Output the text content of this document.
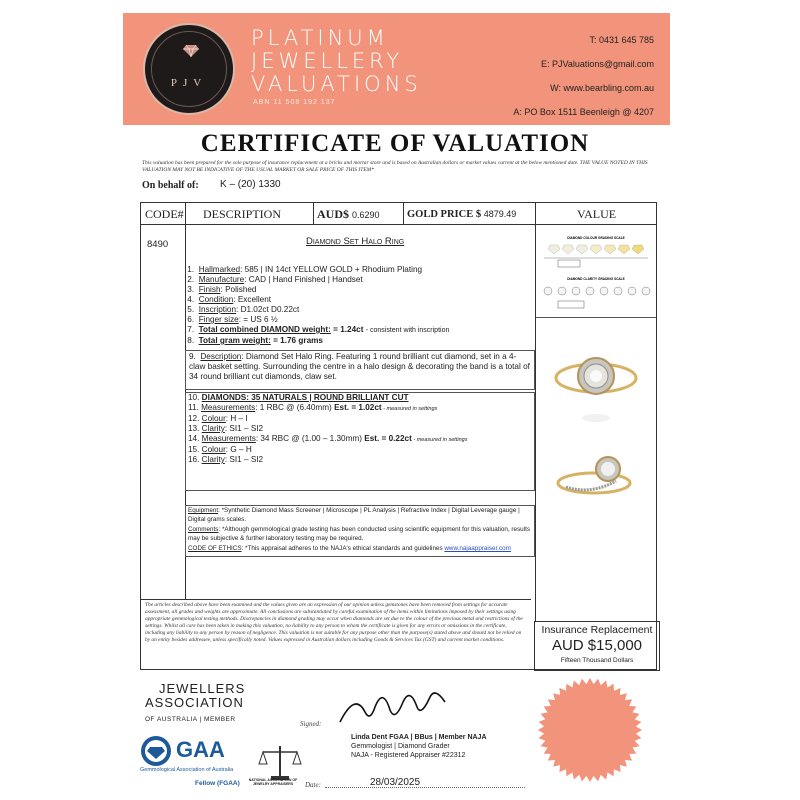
PJV
PLATINUM
JEWELLERY
VALUATIONS
ABN 11 508 192 137
T: 0431 645 785
E: PJValuations@gmail.com
W: www.bearbling.com.au
A: PO Box 1511 Beenleigh @ 4207
CERTIFICATE OF VALUATION
This valuation has been prepared for the sole purpose of insurance replacement at a bricks and mortar store and is based on Australian dollars or market values current at the below mentioned date. THE VALUE NOTED IN THIS VALUATION MAY NOT BE INDICATIVE OF THE USUAL MARKET OR SALE PRICE OF THIS ITEM*
On behalf of: K – (20) 1330
CODE#	DESCRIPTION	AUD$ 0.6290	GOLD PRICE $ 4879.49	VALUE
8490	Diamond Set Halo Ring
1. Hallmarked: 585 | IN 14ct YELLOW GOLD + Rhodium Plating
2. Manufacture: CAD | Hand Finished | Handset
3. Finish: Polished
4. Condition: Excellent
5. Inscription: D1.02ct D0.22ct
6. Finger size: = US 6 ½
7.  Total combined DIAMOND weight: = 1.24ct - consistent with inscription
8.  Total gram weight: = 1.76 grams
9.  Description: Diamond Set Halo Ring. Featuring 1 round brilliant cut diamond, set in a 4-claw basket setting. Surrounding the centre in a halo design & decorating the band is a total of 34 round brilliant cut diamonds, claw set.
10. DIAMONDS: 35 NATURALS | ROUND BRILLIANT CUT
11. Measurements: 1 RBC @ (6.40mm) Est. = 1.02ct - measured in settings
12. Colour: H – I
13. Clarity: SI1 – SI2
14. Measurements: 34 RBC @ (1.00 – 1.30mm) Est. = 0.22ct - measured in settings
15. Colour: G – H
16. Clarity: SI1 – SI2
Equipment: *Synthetic Diamond Mass Screener | Microscope | PL Analysis | Refractive Index | Digital Leverage gauge | Digital grams scales.
Comments: *Although gemmological grade testing has been conducted using scientific equipment for this valuation, results may be subjective & further laboratory testing may be required.
CODE OF ETHICS: *This appraisal adheres to the NAJA's ethical standards and guidelines www.najaappraiser.com
DIAMOND COLOUR GRADING SCALE
DIAMOND CLARITY GRADING SCALE
The articles described above have been examined and the values given are an expression of our opinion unless gemstones have been removed from settings for accurate assessment, all grades and weights are approximate. All conclusions are substantiated by careful examination of the items within limitations imposed by their settings using appropriate gemmological testing methods. Discrepancies in diamond grading may occur when diamonds are set due to the colour of the precious metal and restrictions of the settings. Whilst all care has been taken in making this valuation, no liability to any person to whom the certificate is given for any errors or omissions in the certificate, including any liability to any person by reason of negligence. This valuation is not suitable for any purpose other than the purpose(s) stated above and should not be relied on by an entity besides addressee, unless specifically noted. Values expressed in Australian dollars including Goods & Services Tax (GST) and current market conditions.
Insurance Replacement
AUD $15,000
Fifteen Thousand Dollars
JEWELLERS
ASSOCIATION
OF AUSTRALIA | MEMBER
GAA
Gemmological Association of Australia
Fellow (FGAA)	NATIONAL ASSOCIATION OF JEWELRY APPRAISERS
Signed:
Linda Dent FGAA | BBus | Member NAJA
Gemmologist | Diamond Grader
NAJA - Registered Appraiser #22312
Date:	28/03/2025
